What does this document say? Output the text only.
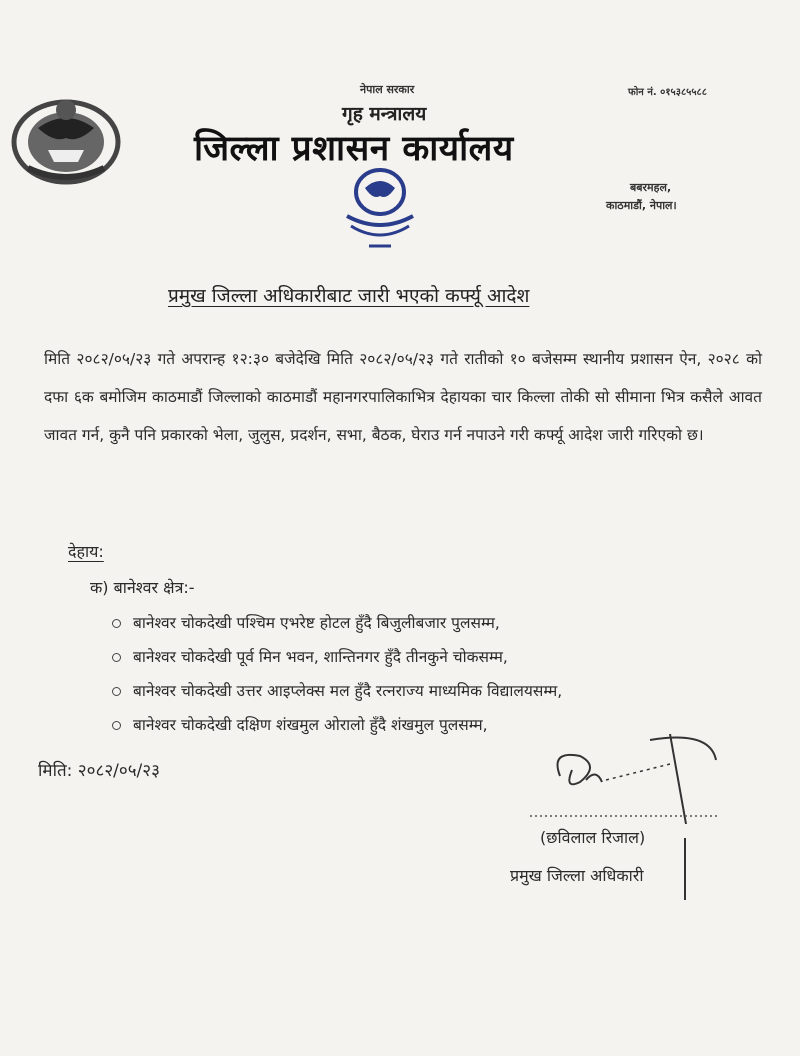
नेपाल सरकार
गृह मन्त्रालय
जिल्ला प्रशासन कार्यालय
फोन नं. ०१५३८५५८८
बबरमहल,
काठमाडौं, नेपाल।
प्रमुख जिल्ला अधिकारीबाट जारी भएको कर्फ्यू आदेश
मिति २०८२/०५/२३ गते अपरान्ह १२:३० बजेदेखि मिति २०८२/०५/२३ गते रातीको १० बजेसम्म स्थानीय प्रशासन ऐन, २०२८ को दफा ६क बमोजिम काठमाडौं जिल्लाको काठमाडौं महानगरपालिकाभित्र देहायका चार किल्ला तोकी सो सीमाना भित्र कसैले आवत जावत गर्न, कुनै पनि प्रकारको भेला, जुलुस, प्रदर्शन, सभा, बैठक, घेराउ गर्न नपाउने गरी कर्फ्यू आदेश जारी गरिएको छ।
देहाय:
क) बानेश्वर क्षेत्र:-
बानेश्वर चोकदेखी पश्चिम एभरेष्ट होटल हुँदै बिजुलीबजार पुलसम्म,
बानेश्वर चोकदेखी पूर्व मिन भवन, शान्तिनगर हुँदै तीनकुने चोकसम्म,
बानेश्वर चोकदेखी उत्तर आइप्लेक्स मल हुँदै रत्नराज्य माध्यमिक विद्यालयसम्म,
बानेश्वर चोकदेखी दक्षिण शंखमुल ओरालो हुँदै शंखमुल पुलसम्म,
मिति: २०८२/०५/२३
(छविलाल रिजाल)
प्रमुख जिल्ला अधिकारी
